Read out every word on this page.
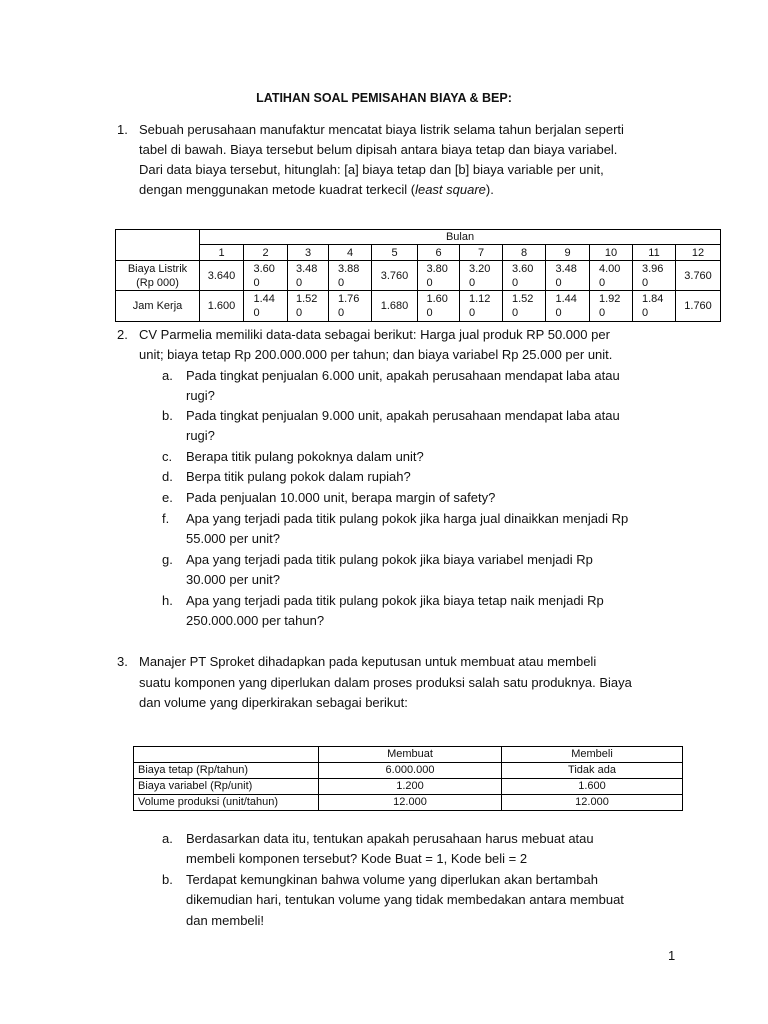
LATIHAN SOAL PEMISAHAN BIAYA & BEP:
1. Sebuah perusahaan manufaktur mencatat biaya listrik selama tahun berjalan seperti
tabel di bawah. Biaya tersebut belum dipisah antara biaya tetap dan biaya variabel.
Dari data biaya tersebut, hitunglah: [a] biaya tetap dan [b] biaya variable per unit,
dengan menggunakan metode kuadrat terkecil (least square).
	Bulan											
	1	2	3	4	5	6	7	8	9	10	11	12

Biaya Listrik
(Rp 000)	3.640	3.600	3.480	3.880	3.760	3.800	3.200	3.600	3.480	4.000	3.960	3.760

Jam Kerja	1.600	1.440	1.520	1.760	1.680	1.600	1.120	1.520	1.440	1.920	1.840	1.760
2. CV Parmelia memiliki data-data sebagai berikut: Harga jual produk RP 50.000 per
unit; biaya tetap Rp 200.000.000 per tahun; dan biaya variabel Rp 25.000 per unit.
a. Pada tingkat penjualan 6.000 unit, apakah perusahaan mendapat laba atau
rugi?
b. Pada tingkat penjualan 9.000 unit, apakah perusahaan mendapat laba atau
rugi?
c. Berapa titik pulang pokoknya dalam unit?
d. Berpa titik pulang pokok dalam rupiah?
e. Pada penjualan 10.000 unit, berapa margin of safety?
f. Apa yang terjadi pada titik pulang pokok jika harga jual dinaikkan menjadi Rp
55.000 per unit?
g. Apa yang terjadi pada titik pulang pokok jika biaya variabel menjadi Rp
30.000 per unit?
h. Apa yang terjadi pada titik pulang pokok jika biaya tetap naik menjadi Rp
250.000.000 per tahun?
3. Manajer PT Sproket dihadapkan pada keputusan untuk membuat atau membeli
suatu komponen yang diperlukan dalam proses produksi salah satu produknya. Biaya
dan volume yang diperkirakan sebagai berikut:
	Membuat	Membeli
Biaya tetap (Rp/tahun)	6.000.000	Tidak ada
Biaya variabel (Rp/unit)	1.200	1.600
Volume produksi (unit/tahun)	12.000	12.000
a. Berdasarkan data itu, tentukan apakah perusahaan harus mebuat atau
membeli komponen tersebut? Kode Buat = 1, Kode beli = 2
b. Terdapat kemungkinan bahwa volume yang diperlukan akan bertambah
dikemudian hari, tentukan volume yang tidak membedakan antara membuat
dan membeli!
1
